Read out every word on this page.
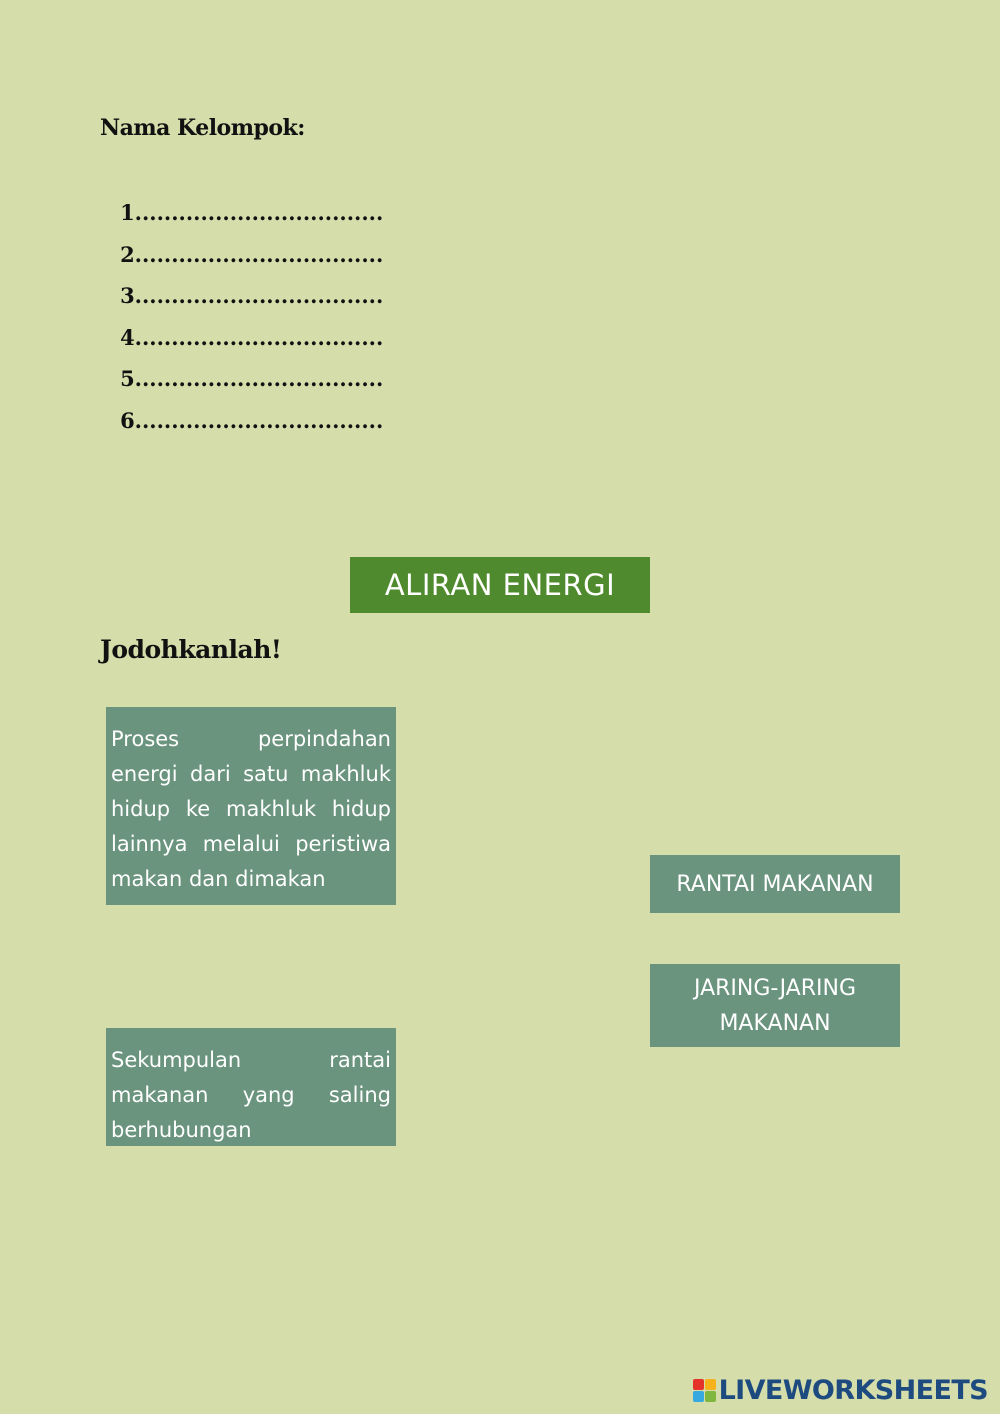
Nama Kelompok:
1..................................
2..................................
3..................................
4..................................
5..................................
6..................................
ALIRAN ENERGI
Jodohkanlah!
Proses perpindahan energi dari satu makhluk hidup ke makhluk hidup lainnya melalui peristiwa makan dan dimakan
Sekumpulan rantai makanan yang saling berhubungan
RANTAI MAKANAN
JARING-JARING MAKANAN
LIVEWORKSHEETS
